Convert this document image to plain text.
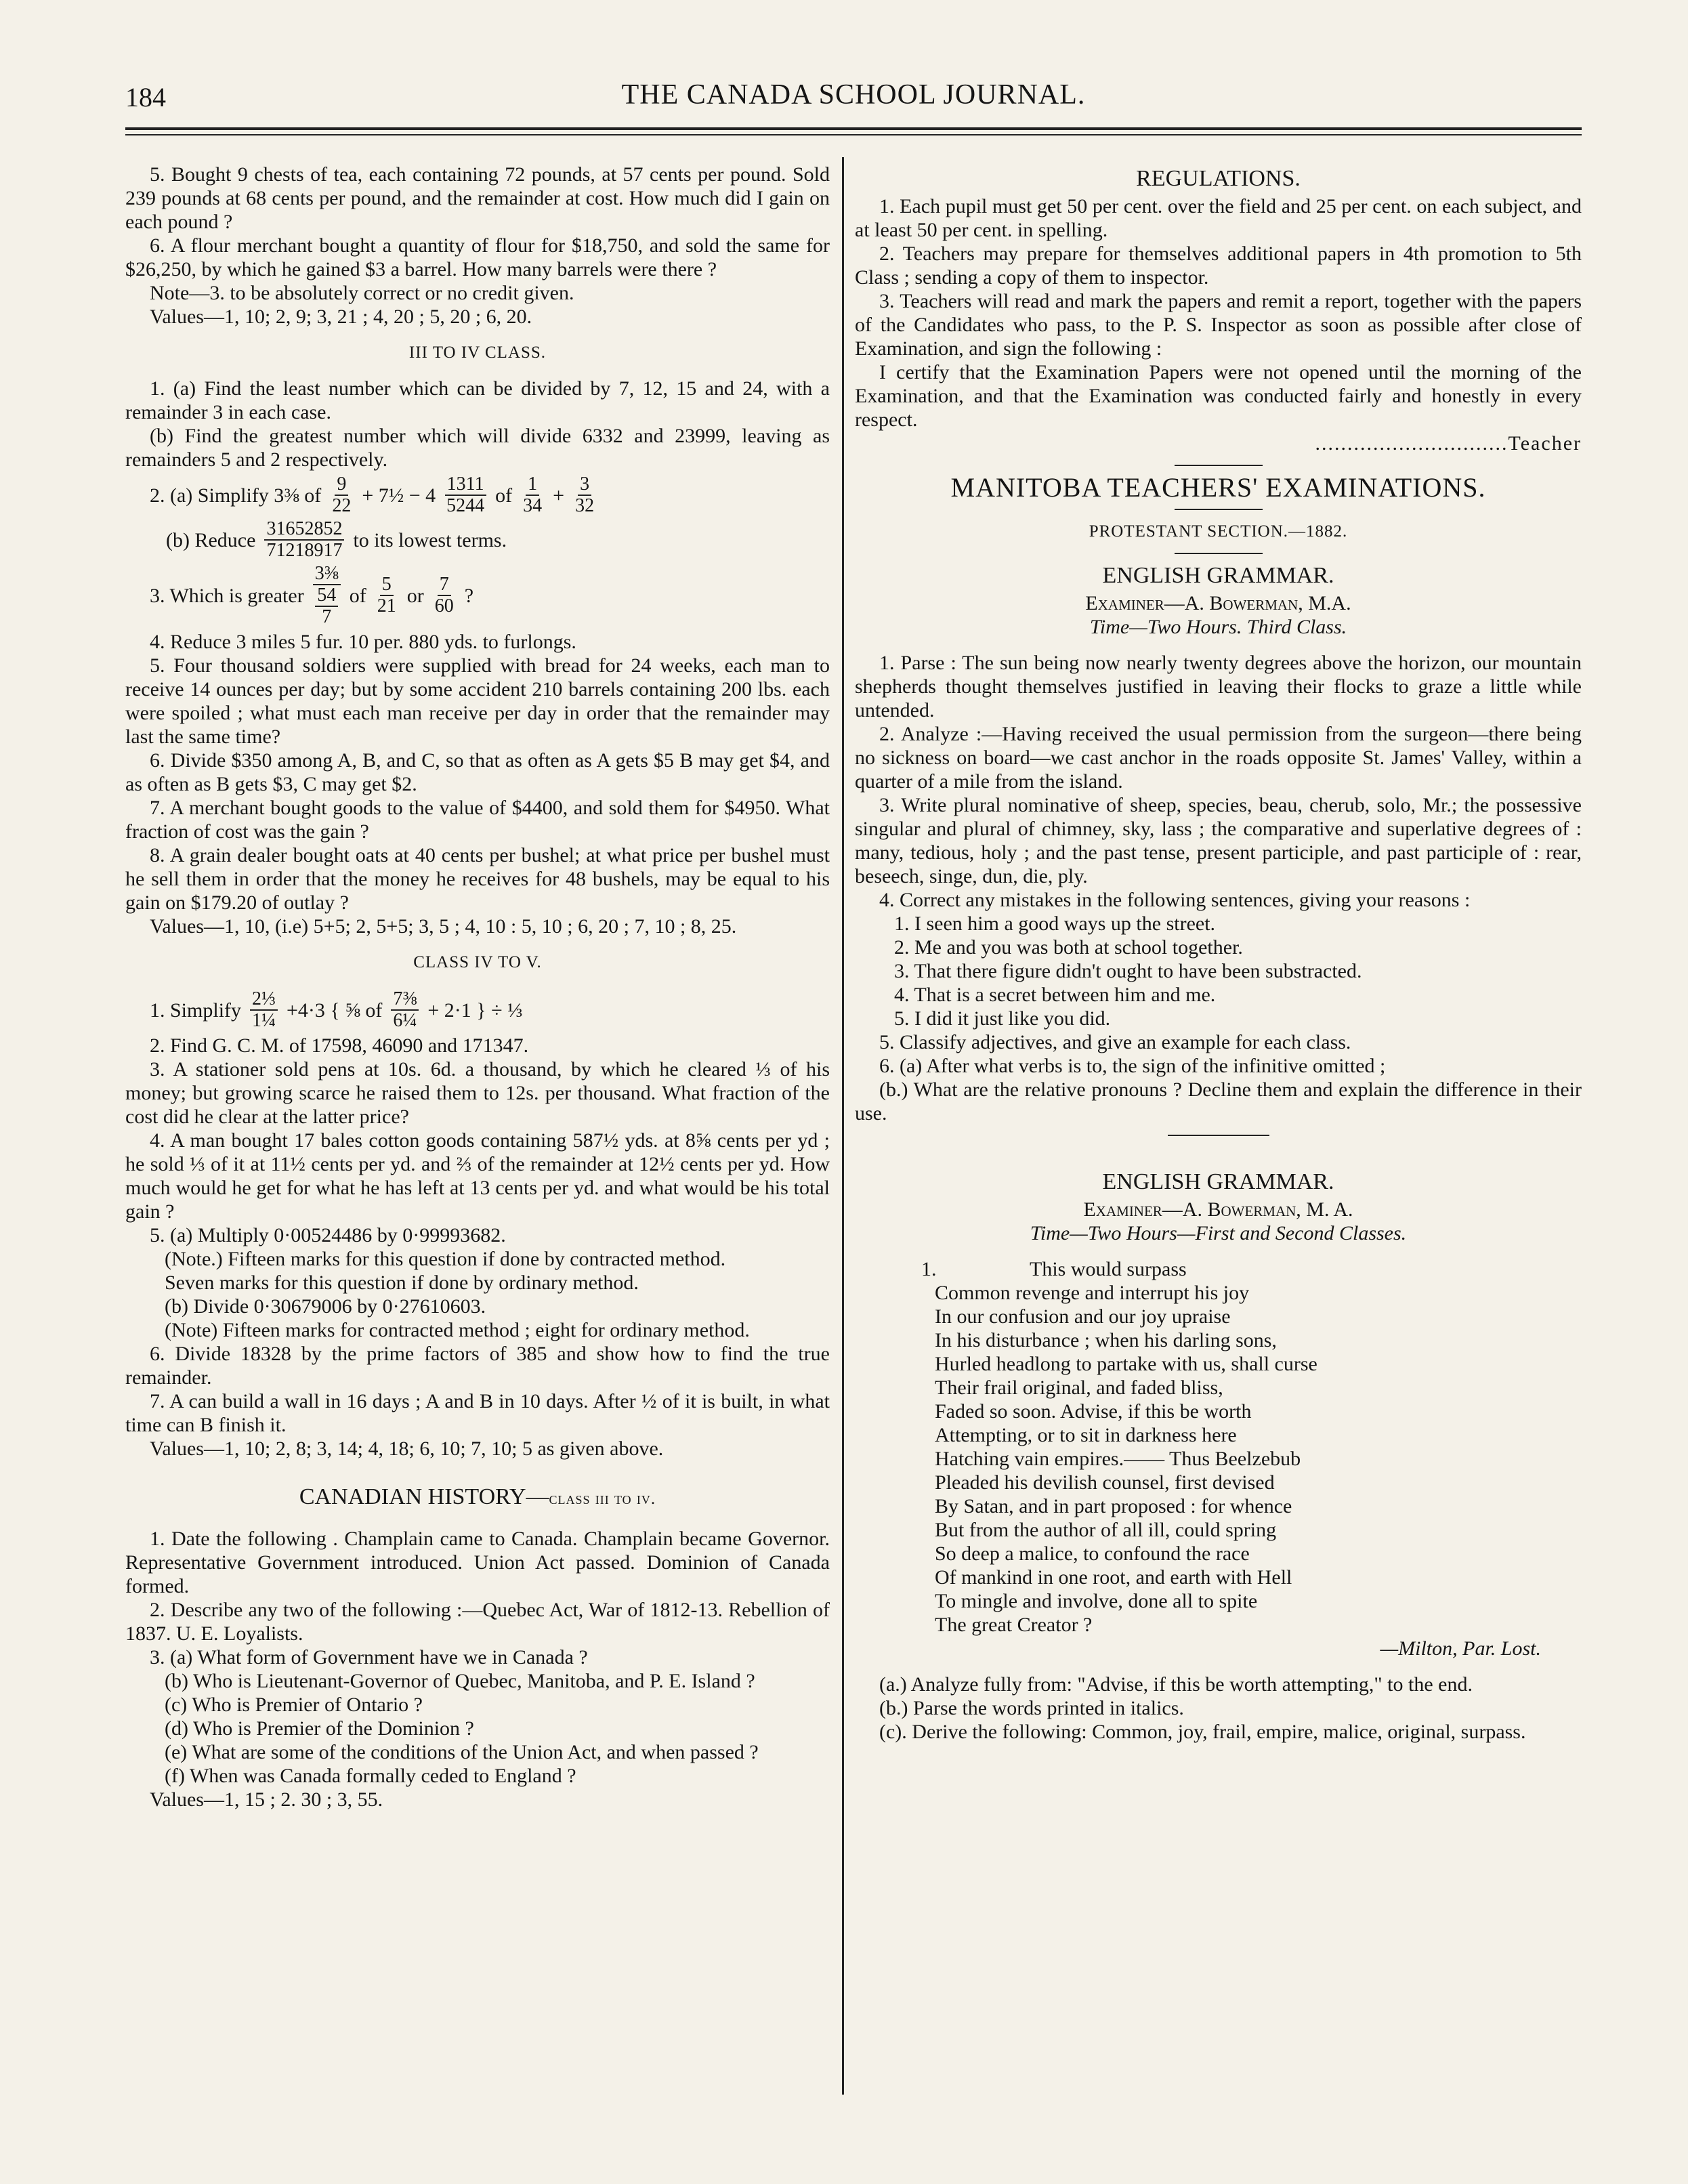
184	THE CANADA SCHOOL JOURNAL.

5. Bought 9 chests of tea, each containing 72 pounds, at 57 cents per pound. Sold 239 pounds at 68 cents per pound, and the remainder at cost. How much did I gain on each pound ?

6. A flour merchant bought a quantity of flour for $18,750, and sold the same for $26,250, by which he gained $3 a barrel. How many barrels were there ?

Note—3. to be absolutely correct or no credit given.

Values—1, 10; 2, 9; 3, 21 ; 4, 20 ; 5, 20 ; 6, 20.

III TO IV CLASS.

1. (a) Find the least number which can be divided by 7, 12, 15 and 24, with a remainder 3 in each case.

(b) Find the greatest number which will divide 6332 and 23999, leaving as remainders 5 and 2 respectively.

2. (a) Simplify 3⅜ of $\frac{9}{22}$ + 7½ − $4 \frac{1311}{5244}$ of $\frac{1}{34} + \frac{3}{32}$
(b) Reduce $\frac{31652852}{71218917}$ to its lowest terms.
3. Which is greater
3⅜
54
7
of $\frac{5}{21}$ or $\frac{7}{60}$ ?

4. Reduce 3 miles 5 fur. 10 per. 880 yds. to furlongs.

5. Four thousand soldiers were supplied with bread for 24 weeks, each man to receive 14 ounces per day; but by some accident 210 barrels containing 200 lbs. each were spoiled ; what must each man receive per day in order that the remainder may last the same time?

6. Divide $350 among A, B, and C, so that as often as A gets $5 B may get $4, and as often as B gets $3, C may get $2.

7. A merchant bought goods to the value of $4400, and sold them for $4950. What fraction of cost was the gain ?

8. A grain dealer bought oats at 40 cents per bushel; at what price per bushel must he sell them in order that the money he receives for 48 bushels, may be equal to his gain on $179.20 of outlay ?

Values—1, 10, (i.e) 5+5; 2, 5+5; 3, 5 ; 4, 10 : 5, 10 ; 6, 20 ; 7, 10 ; 8, 25.

CLASS IV TO V.

1. Simplify $\frac{\text{2⅓}}{\text{1¼}} +4\cdot 3$ { ⅝ of $\frac{\text{7⅜}}{\text{6¼}} + 2\cdot 1$ } ÷ ⅓

2. Find G. C. M. of 17598, 46090 and 171347.

3. A stationer sold pens at 10s. 6d. a thousand, by which he cleared ⅓ of his money; but growing scarce he raised them to 12s. per thousand. What fraction of the cost did he clear at the latter price?

4. A man bought 17 bales cotton goods containing 587½ yds. at 8⅝ cents per yd ; he sold ⅓ of it at 11½ cents per yd. and ⅔ of the remainder at 12½ cents per yd. How much would he get for what he has left at 13 cents per yd. and what would be his total gain ?

5. (a) Multiply 0·00524486 by 0·99993682.

(Note.) Fifteen marks for this question if done by contracted method.

Seven marks for this question if done by ordinary method.

(b) Divide 0·30679006 by 0·27610603.

(Note) Fifteen marks for contracted method ; eight for ordinary method.

6. Divide 18328 by the prime factors of 385 and show how to find the true remainder.

7. A can build a wall in 16 days ; A and B in 10 days. After ½ of it is built, in what time can B finish it.

Values—1, 10; 2, 8; 3, 14; 4, 18; 6, 10; 7, 10; 5 as given above.

CANADIAN HISTORY—class iii to iv.

1. Date the following . Champlain came to Canada. Champlain became Governor. Representative Government introduced. Union Act passed. Dominion of Canada formed.

2. Describe any two of the following :—Quebec Act, War of 1812-13. Rebellion of 1837. U. E. Loyalists.

3. (a) What form of Government have we in Canada ?

(b) Who is Lieutenant-Governor of Quebec, Manitoba, and P. E. Island ?

(c) Who is Premier of Ontario ?

(d) Who is Premier of the Dominion ?

(e) What are some of the conditions of the Union Act, and when passed ?

(f) When was Canada formally ceded to England ?

Values—1, 15 ; 2. 30 ; 3, 55.

REGULATIONS.

1. Each pupil must get 50 per cent. over the field and 25 per cent. on each subject, and at least 50 per cent. in spelling.

2. Teachers may prepare for themselves additional papers in 4th promotion to 5th Class ; sending a copy of them to inspector.

3. Teachers will read and mark the papers and remit a report, together with the papers of the Candidates who pass, to the P. S. Inspector as soon as possible after close of Examination, and sign the following :

I certify that the Examination Papers were not opened until the morning of the Examination, and that the Examination was conducted fairly and honestly in every respect.

..............................Teacher

MANITOBA TEACHERS' EXAMINATIONS.

PROTESTANT SECTION.—1882.

ENGLISH GRAMMAR.

Examiner—A. Bowerman, M.A.

Time—Two Hours. Third Class.

1. Parse : The sun being now nearly twenty degrees above the horizon, our mountain shepherds thought themselves justified in leaving their flocks to graze a little while untended.

2. Analyze :—Having received the usual permission from the surgeon—there being no sickness on board—we cast anchor in the roads opposite St. James' Valley, within a quarter of a mile from the island.

3. Write plural nominative of sheep, species, beau, cherub, solo, Mr.; the possessive singular and plural of chimney, sky, lass ; the comparative and superlative degrees of : many, tedious, holy ; and the past tense, present participle, and past participle of : rear, beseech, singe, dun, die, ply.

4. Correct any mistakes in the following sentences, giving your reasons :

1. I seen him a good ways up the street.

2. Me and you was both at school together.

3. That there figure didn't ought to have been substracted.

4. That is a secret between him and me.

5. I did it just like you did.

5. Classify adjectives, and give an example for each class.

6. (a) After what verbs is to, the sign of the infinitive omitted ;

(b.) What are the relative pronouns ? Decline them and explain the difference in their use.

ENGLISH GRAMMAR.

Examiner—A. Bowerman, M. A.

Time—Two Hours—First and Second Classes.

1.	This would surpass
Common revenge and interrupt his joy
In our confusion and our joy upraise
In his disturbance ; when his darling sons,
Hurled headlong to partake with us, shall curse
Their frail original, and faded bliss,
Faded so soon. Advise, if this be worth
Attempting, or to sit in darkness here
Hatching vain empires.—— Thus Beelzebub
Pleaded his devilish counsel, first devised
By Satan, and in part proposed : for whence
But from the author of all ill, could spring
So deep a malice, to confound the race
Of mankind in one root, and earth with Hell
To mingle and involve, done all to spite
The great Creator ?

—Milton, Par. Lost.

(a.) Analyze fully from: "Advise, if this be worth attempting," to the end.

(b.) Parse the words printed in italics.

(c). Derive the following: Common, joy, frail, empire, malice, original, surpass.
